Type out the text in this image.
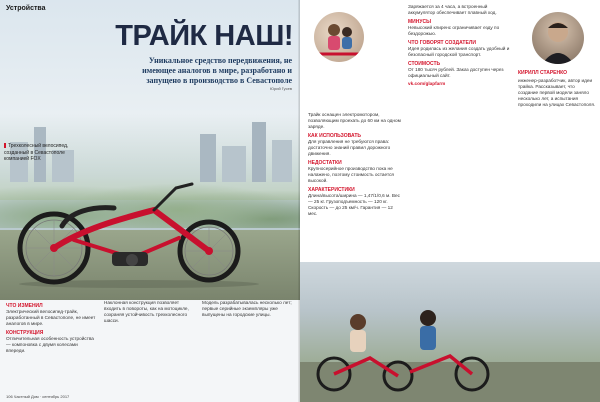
Устройства
ТРАЙК НАШ!
Уникальное средство передвижения, не имеющее аналогов в мире, разработано и запущено в производство в Севастополе
Юрий Гусев
Трехколесный велосипед, созданный в Севастополе компанией FOX
ЧТО ИЗМЕНИЛ
Электрический велосипед-трайк, разработанный в Севастополе, не имеет аналогов в мире.
КОНСТРУКЦИЯ
Отличительная особенность устройства — компоновка с двумя колесами впереди.
Наклонная конструкция позволяет входить в повороты, как на мотоцикле, сохраняя устойчивость трехколесного шасси.
Модель разрабатывалась несколько лет; первые серийные экземпляры уже выпущены на городские улицы.
106 Частный Дом · сентябрь 2017

Трайк оснащен электромотором, позволяющим проехать до 60 км на одном заряде.

КАК ИСПОЛЬЗОВАТЬ

Для управления не требуются права: достаточно знаний правил дорожного движения.

НЕДОСТАТКИ

Крупносерийное производство пока не налажено, поэтому стоимость остается высокой.

ХАРАКТЕРИСТИКИ

Длина/высота/ширина — 1,47/1/0,6 м. Вес — 25 кг. Грузоподъемность — 120 кг. Скорость — до 25 км/ч. Гарантия — 12 мес.

Заряжается за 4 часа, а встроенный аккумулятор обеспечивает плавный ход.

МИНУСЫ

Невысокий клиренс ограничивает езду по бездорожью.

ЧТО ГОВОРЯТ СОЗДАТЕЛИ

Идея родилась из желания создать удобный и безопасный городской транспорт.

СТОИМОСТЬ

От 180 тысяч рублей. Заказ доступен через официальный сайт.

vk.com/glapfarm

КИРИЛЛ СТАРЕНКО

инженер-разработчик, автор идеи трайка. Рассказывает, что создание первой модели заняло несколько лет, а испытания проходили на улицах Севастополя.
